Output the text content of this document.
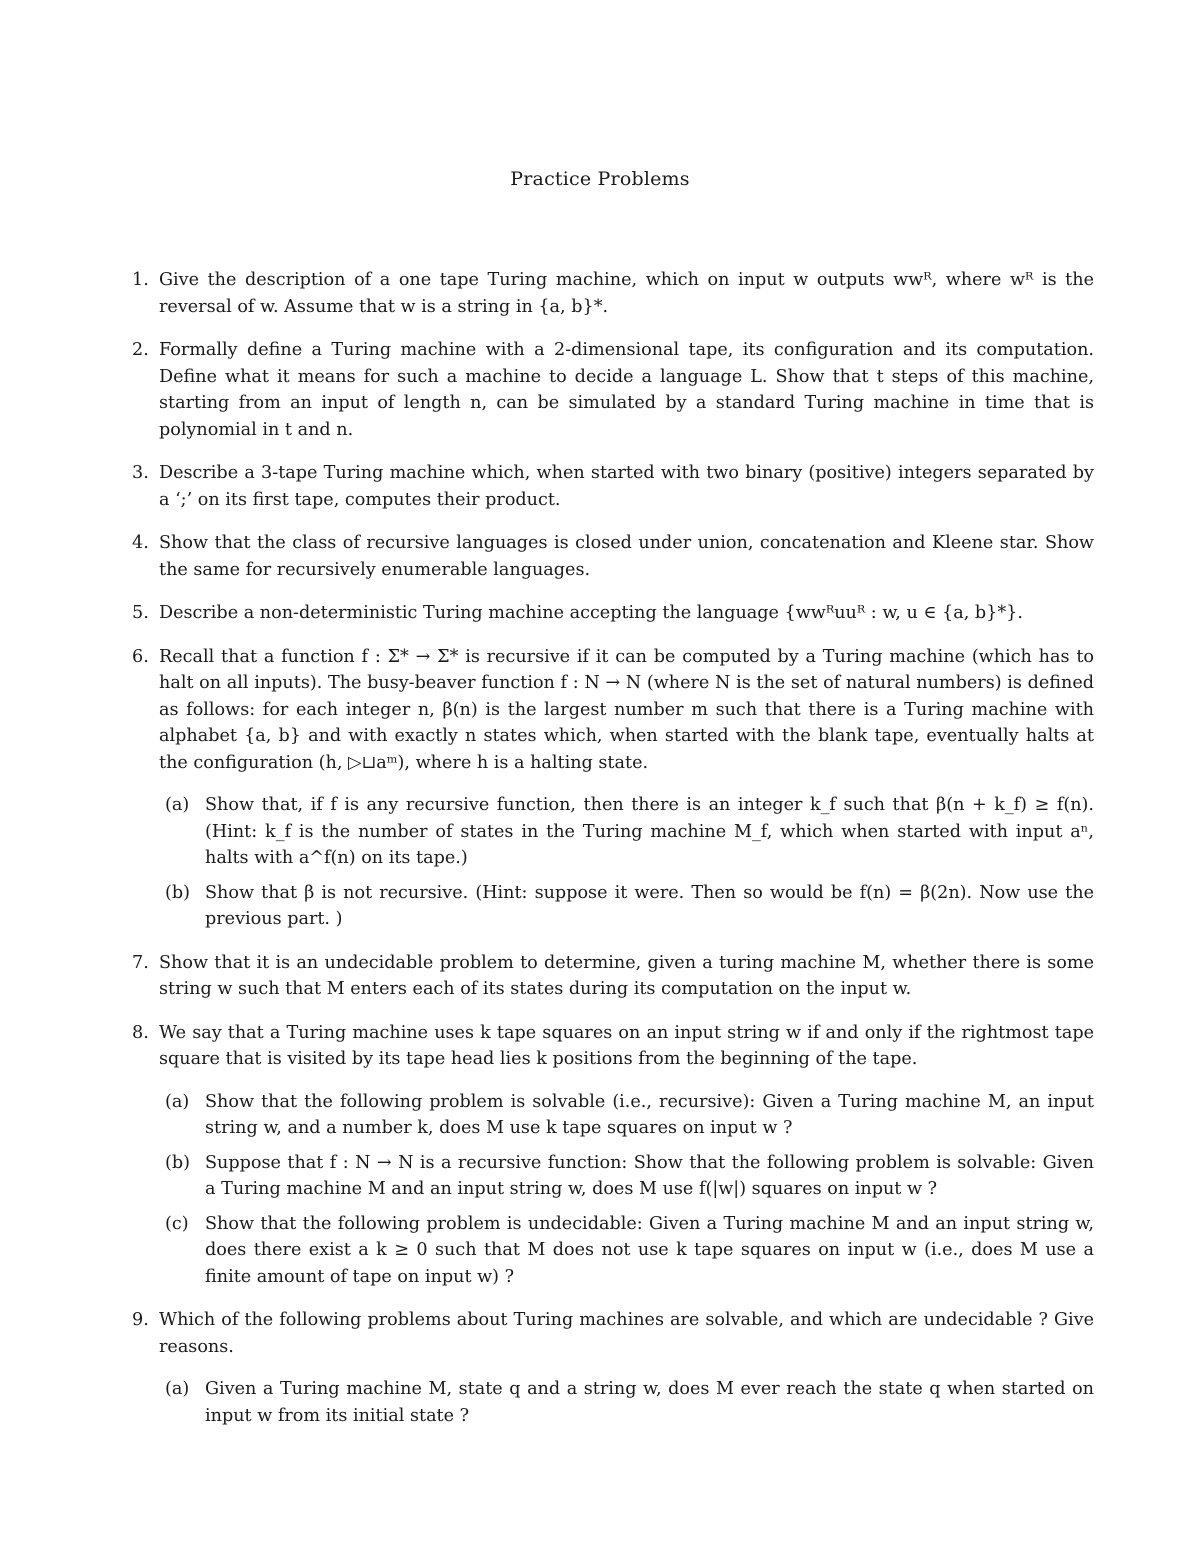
Practice Problems
1. Give the description of a one tape Turing machine, which on input w outputs wwᴿ, where wᴿ is the reversal of w. Assume that w is a string in {a, b}*.
2. Formally define a Turing machine with a 2-dimensional tape, its configuration and its computation. Define what it means for such a machine to decide a language L. Show that t steps of this machine, starting from an input of length n, can be simulated by a standard Turing machine in time that is polynomial in t and n.
3. Describe a 3-tape Turing machine which, when started with two binary (positive) integers separated by a ‘;’ on its first tape, computes their product.
4. Show that the class of recursive languages is closed under union, concatenation and Kleene star. Show the same for recursively enumerable languages.
5. Describe a non-deterministic Turing machine accepting the language {wwᴿuuᴿ : w, u ∈ {a, b}*}.
6. Recall that a function f : Σ* → Σ* is recursive if it can be computed by a Turing machine (which has to halt on all inputs). The busy-beaver function f : N → N (where N is the set of natural numbers) is defined as follows: for each integer n, β(n) is the largest number m such that there is a Turing machine with alphabet {a, b} and with exactly n states which, when started with the blank tape, eventually halts at the configuration (h, ▷⊔aᵐ), where h is a halting state.
(a) Show that, if f is any recursive function, then there is an integer k_f such that β(n + k_f) ≥ f(n). (Hint: k_f is the number of states in the Turing machine M_f, which when started with input aⁿ, halts with a^f(n) on its tape.)
(b) Show that β is not recursive. (Hint: suppose it were. Then so would be f(n) = β(2n). Now use the previous part. )
7. Show that it is an undecidable problem to determine, given a turing machine M, whether there is some string w such that M enters each of its states during its computation on the input w.
8. We say that a Turing machine uses k tape squares on an input string w if and only if the rightmost tape square that is visited by its tape head lies k positions from the beginning of the tape.
(a) Show that the following problem is solvable (i.e., recursive): Given a Turing machine M, an input string w, and a number k, does M use k tape squares on input w ?
(b) Suppose that f : N → N is a recursive function: Show that the following problem is solvable: Given a Turing machine M and an input string w, does M use f(|w|) squares on input w ?
(c) Show that the following problem is undecidable: Given a Turing machine M and an input string w, does there exist a k ≥ 0 such that M does not use k tape squares on input w (i.e., does M use a finite amount of tape on input w) ?
9. Which of the following problems about Turing machines are solvable, and which are undecidable ? Give reasons.
(a) Given a Turing machine M, state q and a string w, does M ever reach the state q when started on input w from its initial state ?
